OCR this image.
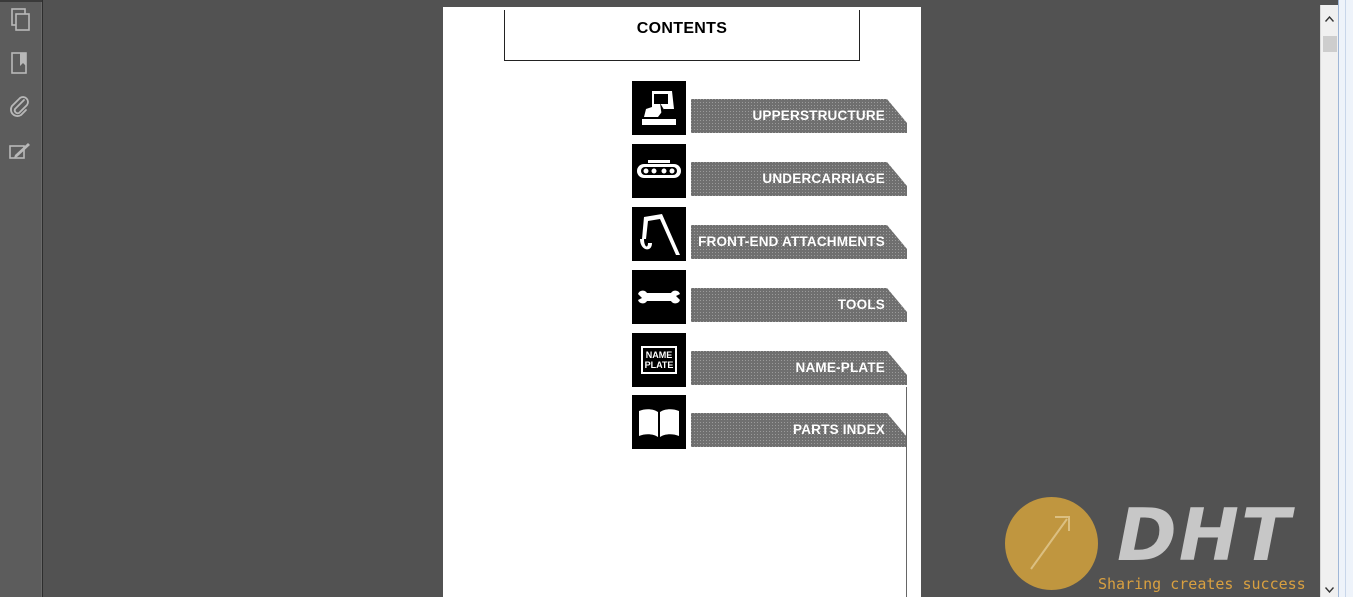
CONTENTS
UPPERSTRUCTURE
UNDERCARRIAGE
FRONT-END ATTACHMENTS
TOOLS
NAME
PLATE	NAME-PLATE
PARTS INDEX
DHT
Sharing creates success
